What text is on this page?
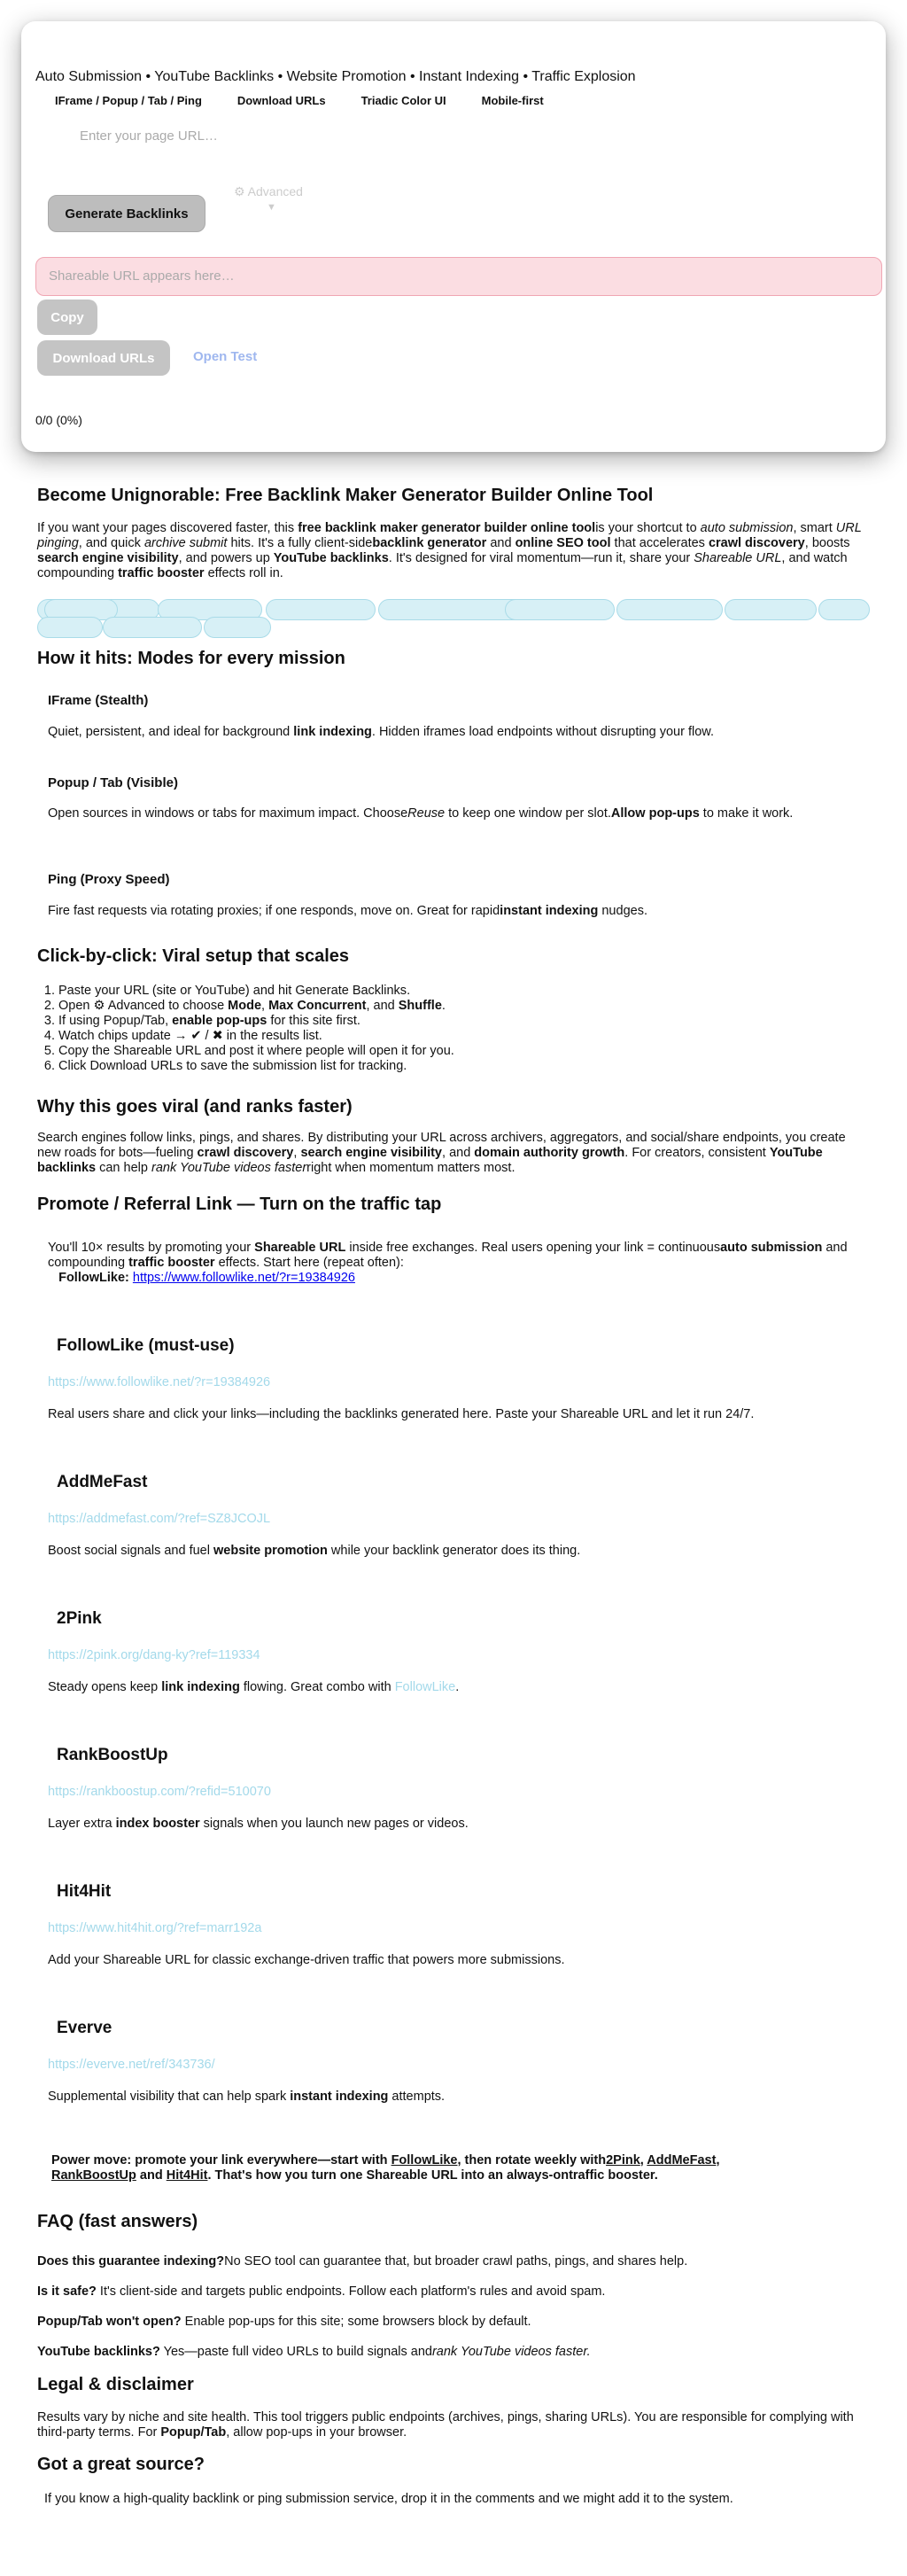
Auto Submission • YouTube Backlinks • Website Promotion • Instant Indexing • Traffic Explosion
IFrame / Popup / Tab / Ping	Download URLs	Triadic Color UI	Mobile-first
Enter your page URL…
Generate Backlinks
⚙ Advanced
▼
Shareable URL appears here…
Copy
Download URLs	Open Test
0/0 (0%)
Become Unignorable: Free Backlink Maker Generator Builder Online Tool

If you want your pages discovered faster, this free backlink maker generator builder online toolis your shortcut to auto submission, smart URL pinging, and quick archive submit hits. It's a fully client-sidebacklink generator and online SEO tool that accelerates crawl discovery, boosts search engine visibility, and powers up YouTube backlinks. It's designed for viral momentum—run it, share your Shareable URL, and watch compounding traffic booster effects roll in.

How it hits: Modes for every mission
IFrame (Stealth)

Quiet, persistent, and ideal for background link indexing. Hidden iframes load endpoints without disrupting your flow.

Popup / Tab (Visible)

Open sources in windows or tabs for maximum impact. ChooseReuse to keep one window per slot.Allow pop-ups to make it work.

Ping (Proxy Speed)

Fire fast requests via rotating proxies; if one responds, move on. Great for rapidinstant indexing nudges.

Click-by-click: Viral setup that scales
1. Paste your URL (site or YouTube) and hit Generate Backlinks.
2. Open ⚙ Advanced to choose Mode, Max Concurrent, and Shuffle.
3. If using Popup/Tab, enable pop-ups for this site first.
4. Watch chips update → ✔ / ✖ in the results list.
5. Copy the Shareable URL and post it where people will open it for you.
6. Click Download URLs to save the submission list for tracking.
Why this goes viral (and ranks faster)

Search engines follow links, pings, and shares. By distributing your URL across archivers, aggregators, and social/share endpoints, you create new roads for bots—fueling crawl discovery, search engine visibility, and domain authority growth. For creators, consistent YouTube backlinks can help rank YouTube videos fasterright when momentum matters most.

Promote / Referral Link — Turn on the traffic tap

You'll 10× results by promoting your Shareable URL inside free exchanges. Real users opening your link = continuousauto submission and compounding traffic booster effects. Start here (repeat often):
FollowLike: https://www.followlike.net/?r=19384926

FollowLike (must-use)
https://www.followlike.net/?r=19384926

Real users share and click your links—including the backlinks generated here. Paste your Shareable URL and let it run 24/7.

AddMeFast
https://addmefast.com/?ref=SZ8JCOJL

Boost social signals and fuel website promotion while your backlink generator does its thing.

2Pink
https://2pink.org/dang-ky?ref=119334

Steady opens keep link indexing flowing. Great combo with FollowLike.

RankBoostUp
https://rankboostup.com/?refid=510070

Layer extra index booster signals when you launch new pages or videos.

Hit4Hit
https://www.hit4hit.org/?ref=marr192a

Add your Shareable URL for classic exchange-driven traffic that powers more submissions.

Everve
https://everve.net/ref/343736/

Supplemental visibility that can help spark instant indexing attempts.

Power move: promote your link everywhere—start with FollowLike, then rotate weekly with2Pink, AddMeFast,
RankBoostUp and Hit4Hit. That's how you turn one Shareable URL into an always-ontraffic booster.

FAQ (fast answers)

Does this guarantee indexing?No SEO tool can guarantee that, but broader crawl paths, pings, and shares help.

Is it safe? It's client-side and targets public endpoints. Follow each platform's rules and avoid spam.

Popup/Tab won't open? Enable pop-ups for this site; some browsers block by default.

YouTube backlinks? Yes—paste full video URLs to build signals andrank YouTube videos faster.

Legal & disclaimer

Results vary by niche and site health. This tool triggers public endpoints (archives, pings, sharing URLs). You are responsible for complying with third-party terms. For Popup/Tab, allow pop-ups in your browser.

Got a great source?

If you know a high-quality backlink or ping submission service, drop it in the comments and we might add it to the system.
